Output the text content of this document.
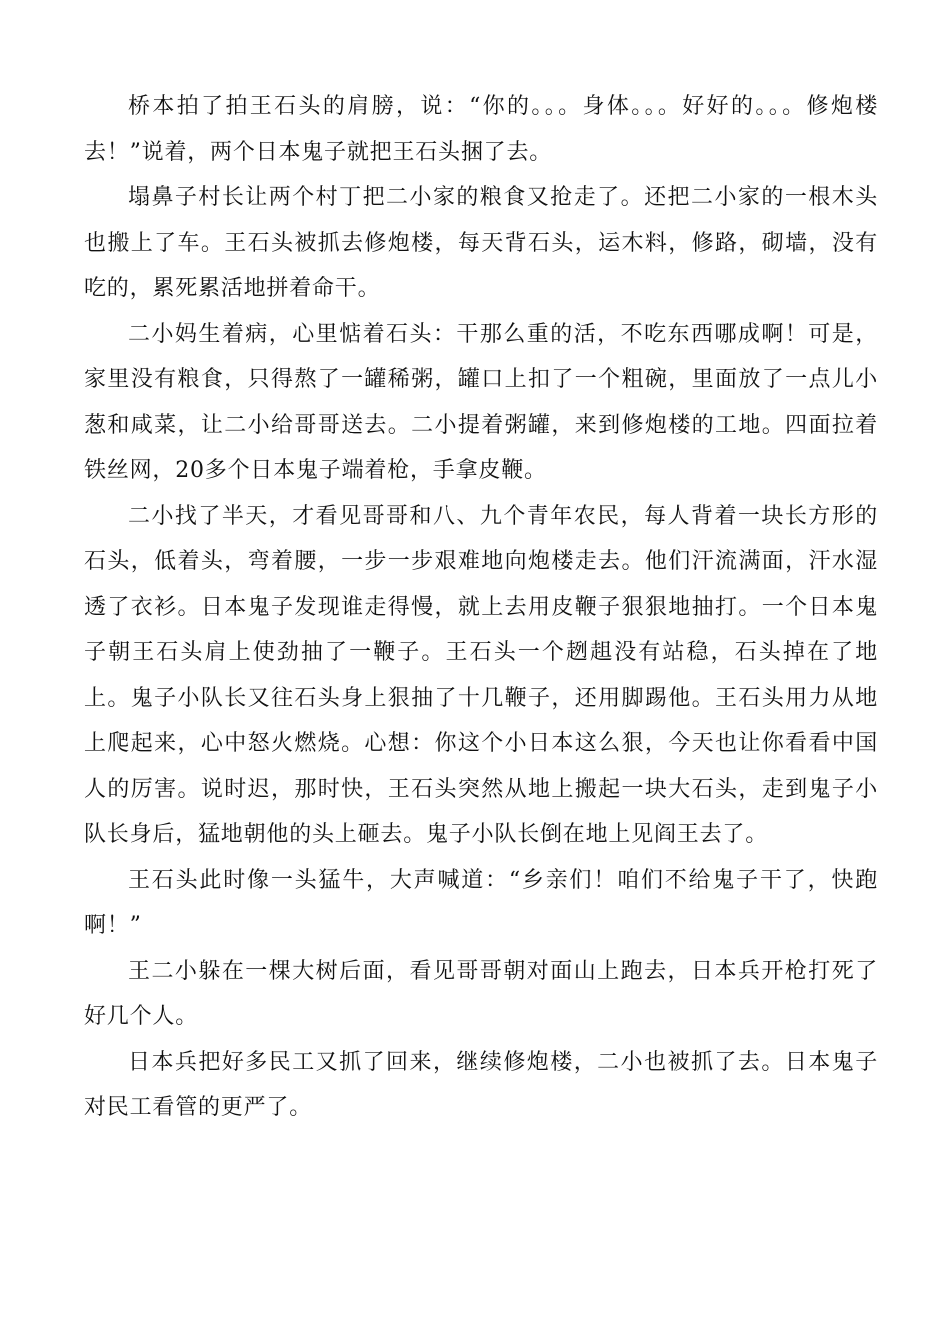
桥本拍了拍王石头的肩膀，说：“你的。。。身体。。。好好的。。。修炮楼去！”说着，两个日本鬼子就把王石头捆了去。

塌鼻子村长让两个村丁把二小家的粮食又抢走了。还把二小家的一根木头也搬上了车。王石头被抓去修炮楼，每天背石头，运木料，修路，砌墙，没有吃的，累死累活地拼着命干。

二小妈生着病，心里惦着石头：干那么重的活，不吃东西哪成啊！可是，家里没有粮食，只得熬了一罐稀粥，罐口上扣了一个粗碗，里面放了一点儿小葱和咸菜，让二小给哥哥送去。二小提着粥罐，来到修炮楼的工地。四面拉着铁丝网，20多个日本鬼子端着枪，手拿皮鞭。

二小找了半天，才看见哥哥和八、九个青年农民，每人背着一块长方形的石头，低着头，弯着腰，一步一步艰难地向炮楼走去。他们汗流满面，汗水湿透了衣衫。日本鬼子发现谁走得慢，就上去用皮鞭子狠狠地抽打。一个日本鬼子朝王石头肩上使劲抽了一鞭子。王石头一个趔趄没有站稳，石头掉在了地上。鬼子小队长又往石头身上狠抽了十几鞭子，还用脚踢他。王石头用力从地上爬起来，心中怒火燃烧。心想：你这个小日本这么狠，今天也让你看看中国人的厉害。说时迟，那时快，王石头突然从地上搬起一块大石头，走到鬼子小队长身后，猛地朝他的头上砸去。鬼子小队长倒在地上见阎王去了。

王石头此时像一头猛牛，大声喊道：“乡亲们！咱们不给鬼子干了，快跑啊！”

王二小躲在一棵大树后面，看见哥哥朝对面山上跑去，日本兵开枪打死了好几个人。

日本兵把好多民工又抓了回来，继续修炮楼，二小也被抓了去。日本鬼子对民工看管的更严了。
